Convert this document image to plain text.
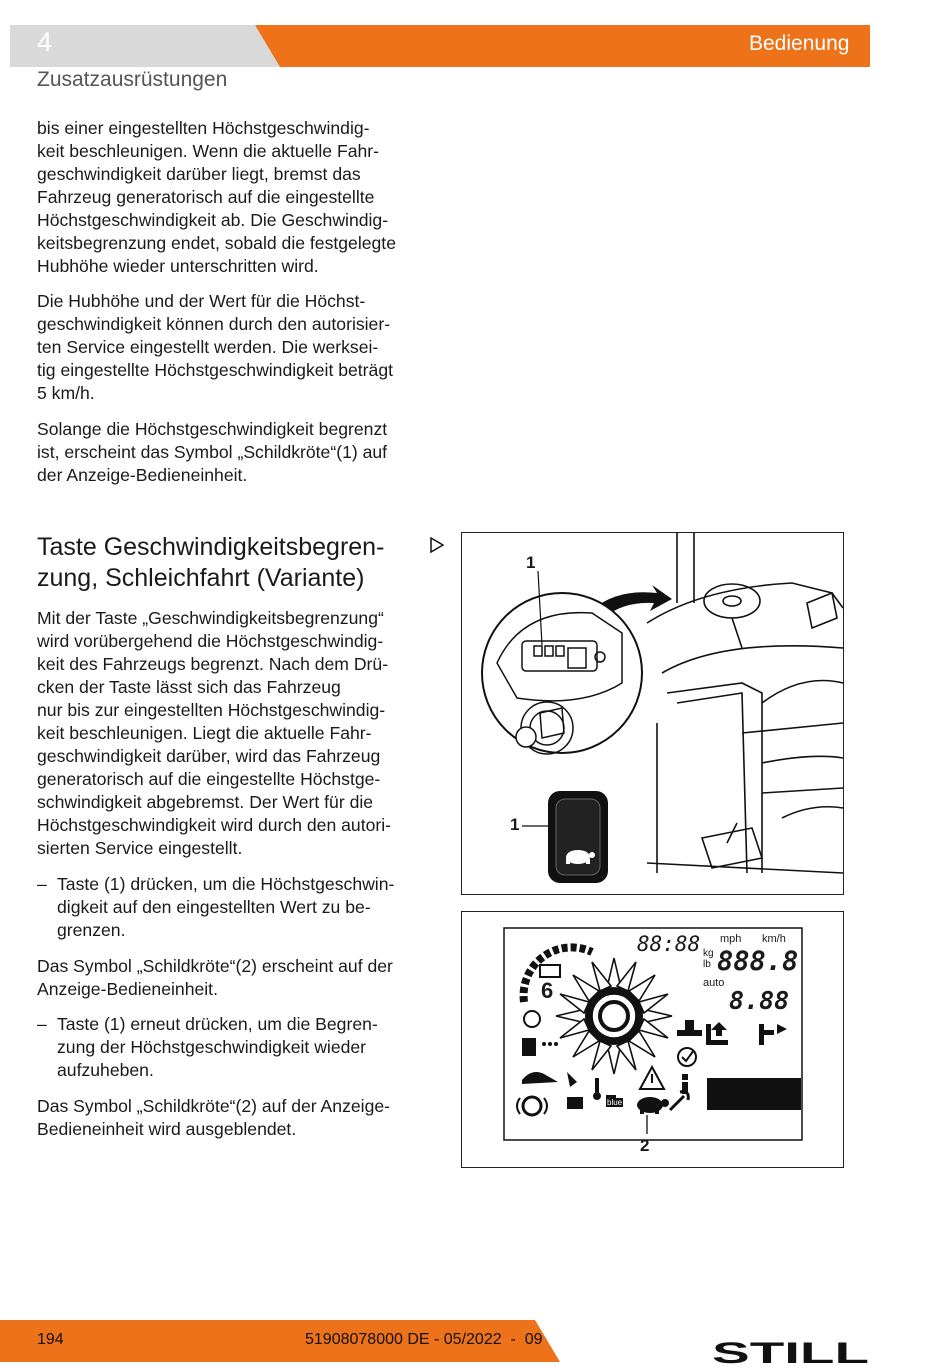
4	Bedienung
Zusatzausrüstungen

bis einer eingestellten Höchstgeschwindig-
keit beschleunigen. Wenn die aktuelle Fahr-
geschwindigkeit darüber liegt, bremst das
Fahrzeug generatorisch auf die eingestellte
Höchstgeschwindigkeit ab. Die Geschwindig-
keitsbegrenzung endet, sobald die festgelegte
Hubhöhe wieder unterschritten wird.

Die Hubhöhe und der Wert für die Höchst-
geschwindigkeit können durch den autorisier-
ten Service eingestellt werden. Die werksei-
tig eingestellte Höchstgeschwindigkeit beträgt
5 km/h.

Solange die Höchstgeschwindigkeit begrenzt
ist, erscheint das Symbol „Schildkröte“(1) auf
der Anzeige-Bedieneinheit.

Taste Geschwindigkeitsbegren-
zung, Schleichfahrt (Variante)

Mit der Taste „Geschwindigkeitsbegrenzung“
wird vorübergehend die Höchstgeschwindig-
keit des Fahrzeugs begrenzt. Nach dem Drü-
cken der Taste lässt sich das Fahrzeug
nur bis zur eingestellten Höchstgeschwindig-
keit beschleunigen. Liegt die aktuelle Fahr-
geschwindigkeit darüber, wird das Fahrzeug
generatorisch auf die eingestellte Höchstge-
schwindigkeit abgebremst. Der Wert für die
Höchstgeschwindigkeit wird durch den autori-
sierten Service eingestellt.

– Taste (1) drücken, um die Höchstgeschwin-
digkeit auf den eingestellten Wert zu be-
grenzen.

Das Symbol „Schildkröte“(2) erscheint auf der
Anzeige-Bedieneinheit.

– Taste (1) erneut drücken, um die Begren-
zung der Höchstgeschwindigkeit wieder
aufzuheben.

Das Symbol „Schildkröte“(2) auf der Anzeige-
Bedieneinheit wird ausgeblendet.

1
1
88:88 mph km/h
kg
lb 888.8
auto
8.88
6
blue
2
194	51908078000 DE - 05/2022  -  09	STILL
